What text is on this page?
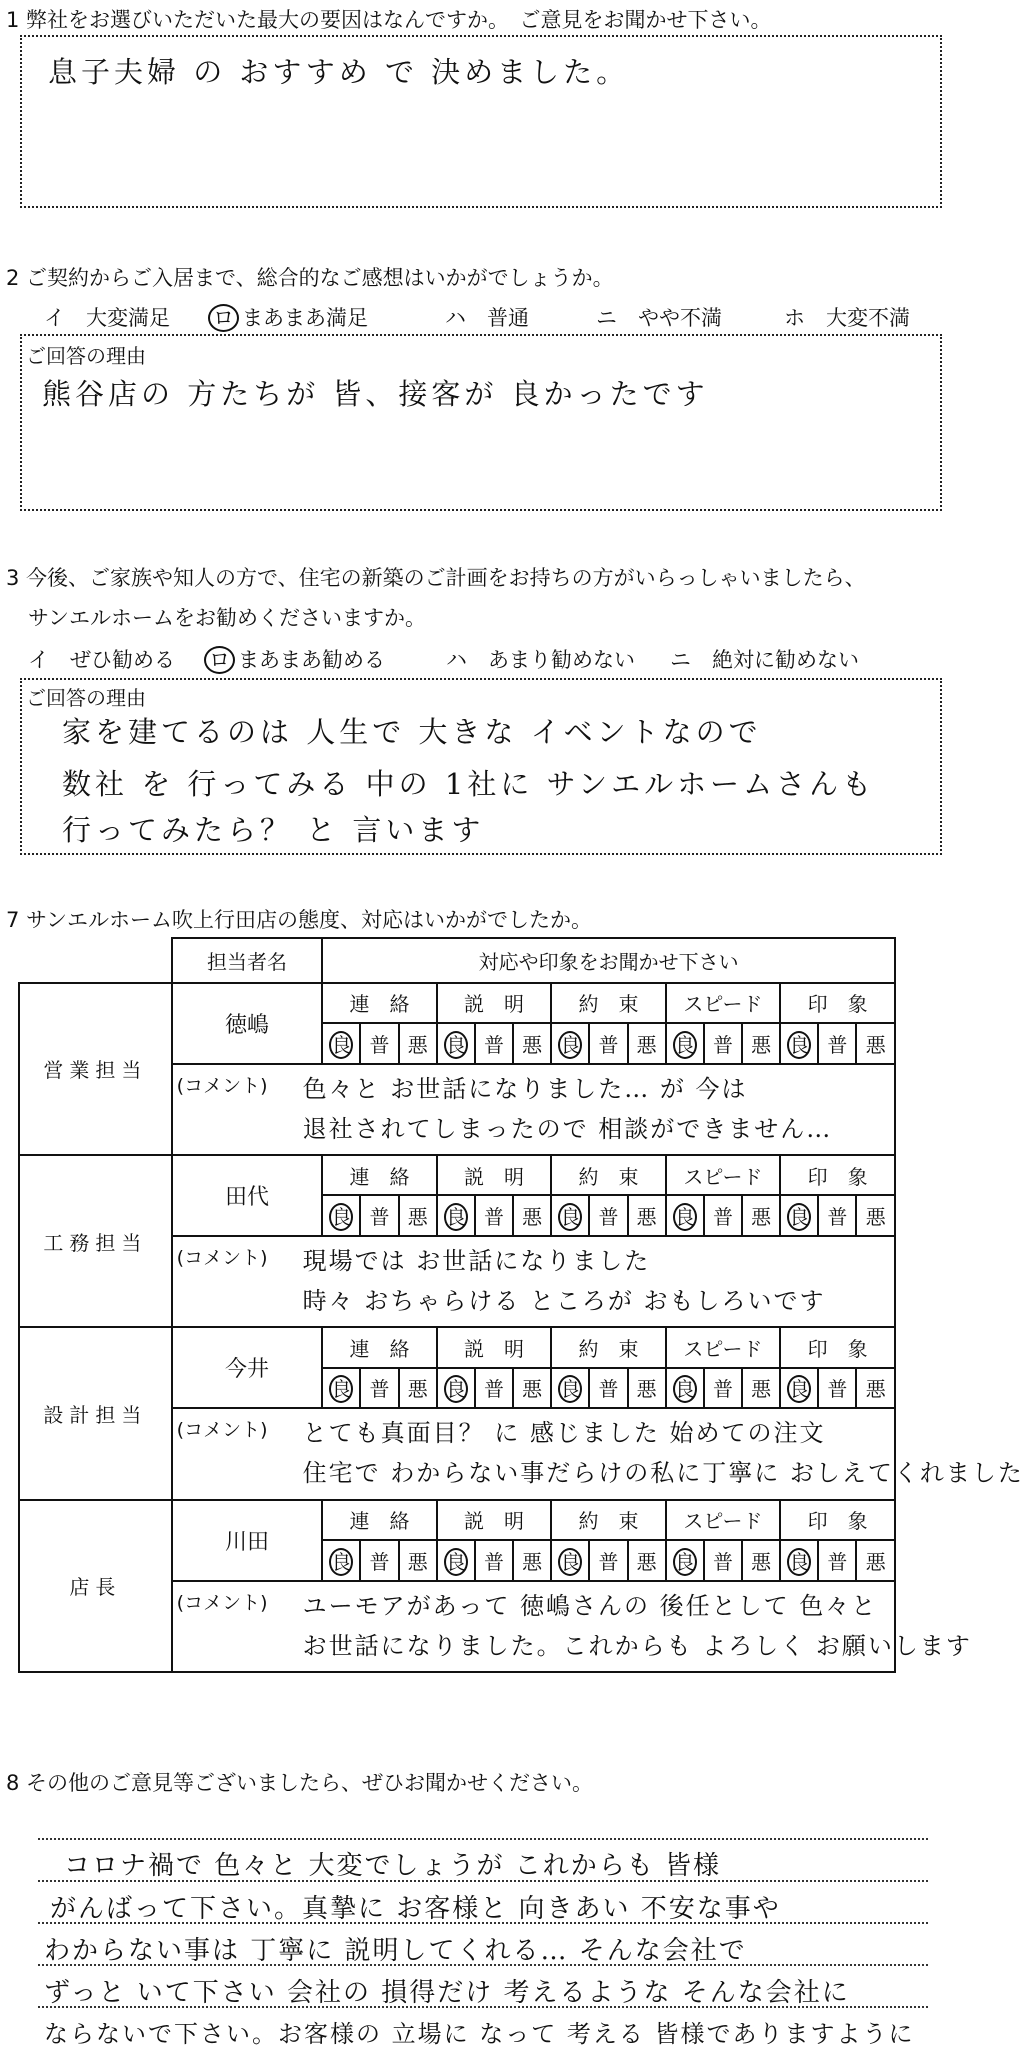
1 弊社をお選びいただいた最大の要因はなんですか。　ご意見をお聞かせ下さい。
息子夫婦 の おすすめ で 決めました。
2 ご契約からご入居まで、総合的なご感想はいかがでしょうか。
イ　 大変満足 ロ まあまあ満足	ハ　 普通	ニ　 やや不満	ホ　 大変不満
ご回答の理由
熊谷店の 方たちが 皆、接客が 良かったです
3 今後、ご家族や知人の方で、住宅の新築のご計画をお持ちの方がいらっしゃいましたら、
サンエルホームをお勧めくださいますか。
イ　 ぜひ勧める ロ まあまあ勧める	ハ　 あまり勧めない ニ　 絶対に勧めない
ご回答の理由
家を建てるのは 人生で 大きな イベントなので
数社 を 行ってみる 中の 1社に サンエルホームさんも
行ってみたら？ と 言います
7 サンエルホーム吹上行田店の態度、対応はいかがでしたか。
	担当者名	対応や印象をお聞かせ下さい														
営業担当	徳嶋	連　絡			説　明			約　束			スピード			印　象		
		良	普	悪	良	普	悪	良	普	悪	良	普	悪	良	普	悪

	(コメント) 色々と お世話になりました… が 今は
退社されてしまったので 相談ができません…															

工務担当	田代	連　絡			説　明			約　束			スピード			印　象		
		良	普	悪	良	普	悪	良	普	悪	良	普	悪	良	普	悪

	(コメント) 現場では お世話になりました
時々 おちゃらける ところが おもしろいです															

設計担当	今井	連　絡			説　明			約　束			スピード			印　象		
		良	普	悪	良	普	悪	良	普	悪	良	普	悪	良	普	悪

	(コメント) とても真面目？ に 感じました 始めての注文
住宅で わからない事だらけの私に丁寧に おしえてくれました															

店長	川田	連　絡			説　明			約　束			スピード			印　象		
		良	普	悪	良	普	悪	良	普	悪	良	普	悪	良	普	悪

	(コメント) ユーモアがあって 徳嶋さんの 後任として 色々と
お世話になりました。これからも よろしく お願いします															
8 その他のご意見等ございましたら、ぜひお聞かせください。
コロナ禍で 色々と 大変でしょうが これからも 皆様
がんばって下さい。真摯に お客様と 向きあい 不安な事や
わからない事は 丁寧に 説明してくれる… そんな会社で
ずっと いて下さい 会社の 損得だけ 考えるような そんな会社に
ならないで下さい。お客様の 立場に なって 考える 皆様でありますように
